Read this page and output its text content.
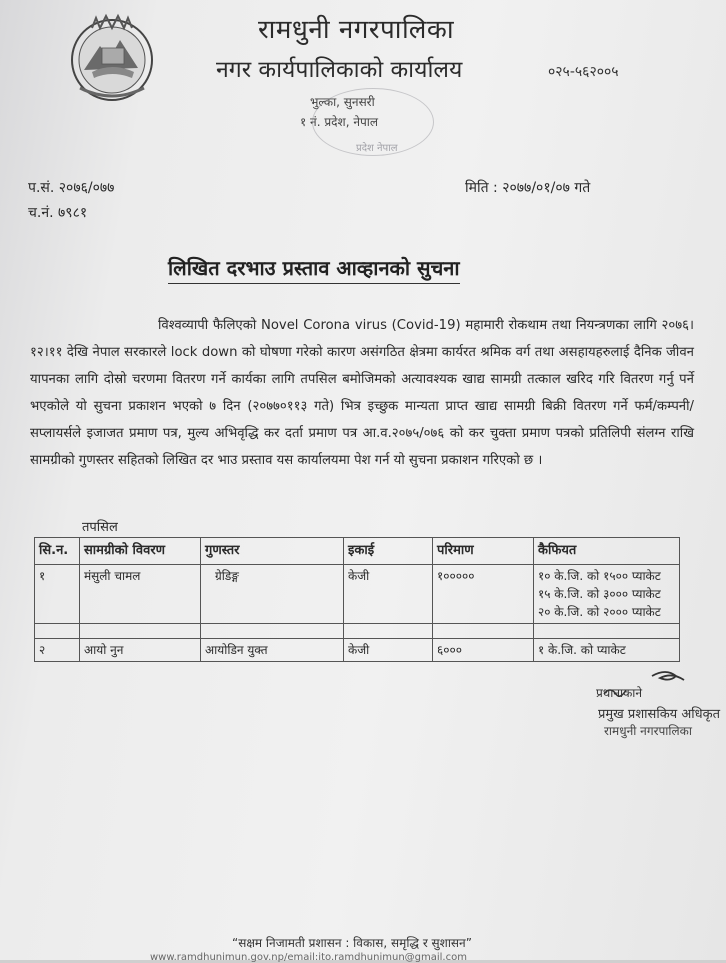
रामधुनी नगरपालिका
नगर कार्यपालिकाको कार्यालय	०२५-५६२००५
भुल्का, सुनसरी
१ नं. प्रदेश, नेपाल
प्रदेश नेपाल
प.सं. २०७६/०७७
च.नं. ७९८१
मिति : २०७७/०१/०७ गते
लिखित दरभाउ प्रस्ताव आव्हानको सुचना
विश्वव्यापी फैलिएको Novel Corona virus (Covid-19) महामारी रोकथाम तथा नियन्त्रणका लागि २०७६।१२।११ देखि नेपाल सरकारले lock down को घोषणा गरेको कारण असंगठित क्षेत्रमा कार्यरत श्रमिक वर्ग तथा असहायहरुलाई दैनिक जीवन यापनका लागि दोस्रो चरणमा वितरण गर्ने कार्यका लागि तपसिल बमोजिमको अत्यावश्यक खाद्य सामग्री तत्काल खरिद गरि वितरण गर्नु पर्ने भएकोले यो सुचना प्रकाशन भएको ७ दिन (२०७७०११३ गते) भित्र इच्छुक मान्यता प्राप्त खाद्य सामग्री बिक्री वितरण गर्ने फर्म/कम्पनी/सप्लायर्सले इजाजत प्रमाण पत्र, मुल्य अभिवृद्धि कर दर्ता प्रमाण पत्र आ.व.२०७५/०७६ को कर चुक्ता प्रमाण पत्रको प्रतिलिपी संलग्न राखि सामग्रीको गुणस्तर सहितको लिखित दर भाउ प्रस्ताव यस कार्यालयमा पेश गर्न यो सुचना प्रकाशन गरिएको छ ।
तपसिल
सि.न.	सामग्रीको विवरण	गुणस्तर	इकाई	परिमाण	कैफियत
१	मंसुली चामल	ग्रेडिङ्ग	केजी	१०००००	१० के.जि. को १५०० प्याकेट
१५ के.जि. को ३००० प्याकेट
२० के.जि. को २००० प्याकेट

२	आयो नुन	आयोडिन युक्त	केजी	६०००	१ के.जि. को प्याकेट
प्रधानाकाने
प्रमुख प्रशासकिय अधिकृत
रामधुनी नगरपालिका
“सक्षम निजामती प्रशासन : विकास, समृद्धि र सुशासन”
www.ramdhunimun.gov.np/email:ito.ramdhunimun@gmail.com
